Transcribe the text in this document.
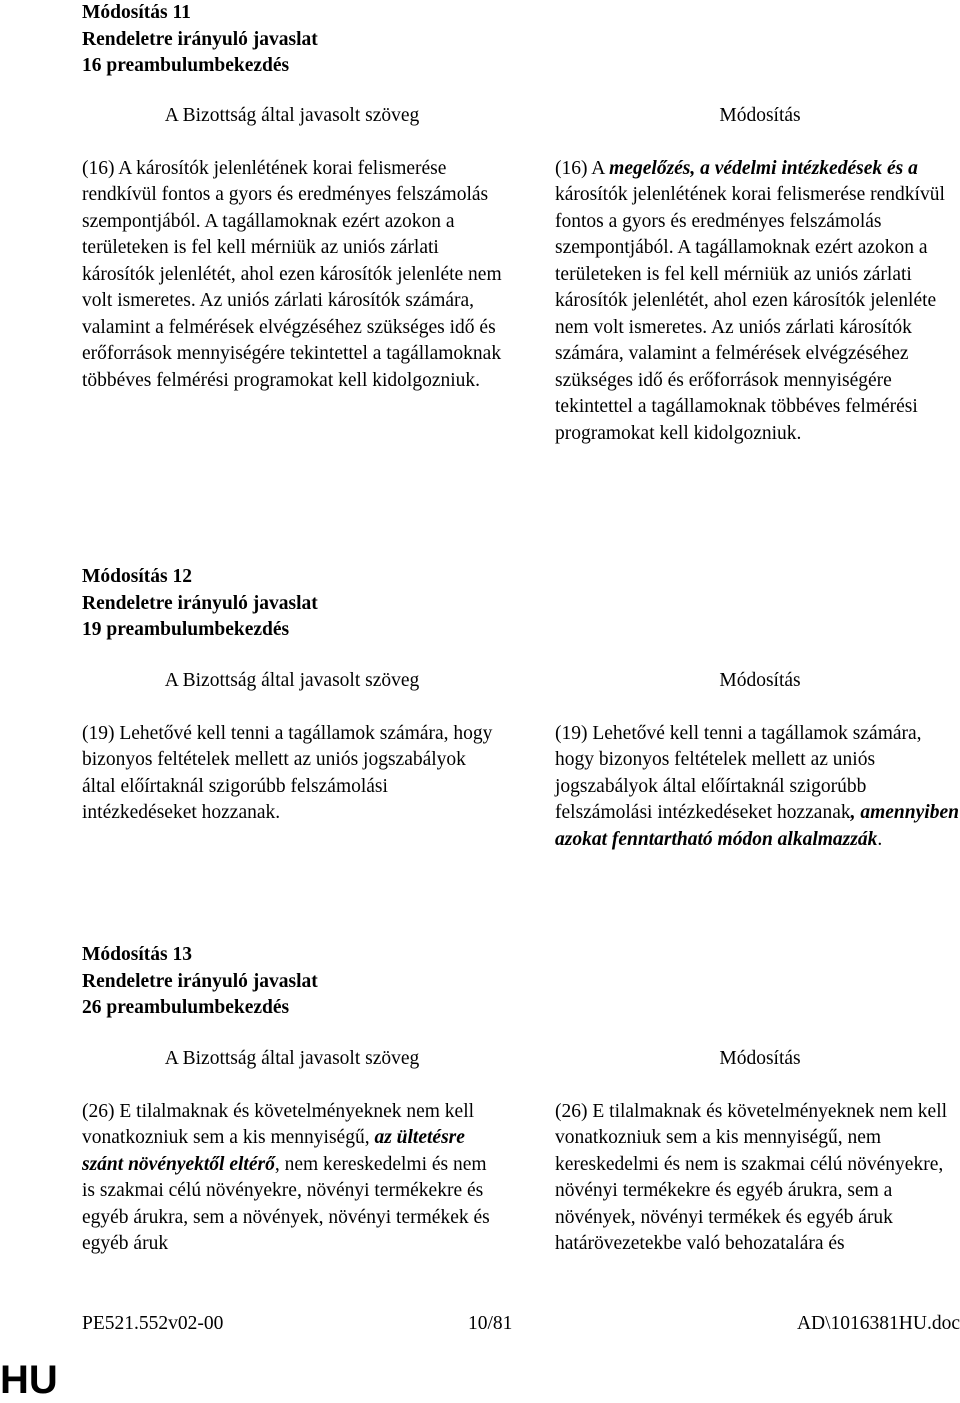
Módosítás 11
Rendeletre irányuló javaslat
16 preambulumbekezdés

A Bizottság által javasolt szöveg

(16) A károsítók jelenlétének korai felismerése rendkívül fontos a gyors és eredményes felszámolás szempontjából. A tagállamoknak ezért azokon a területeken is fel kell mérniük az uniós zárlati károsítók jelenlétét, ahol ezen károsítók jelenléte nem volt ismeretes. Az uniós zárlati károsítók számára, valamint a felmérések elvégzéséhez szükséges idő és erőforrások mennyiségére tekintettel a tagállamoknak többéves felmérési programokat kell kidolgozniuk.

Módosítás

(16) A megelőzés, a védelmi intézkedések és a károsítók jelenlétének korai felismerése rendkívül fontos a gyors és eredményes felszámolás szempontjából. A tagállamoknak ezért azokon a területeken is fel kell mérniük az uniós zárlati károsítók jelenlétét, ahol ezen károsítók jelenléte nem volt ismeretes. Az uniós zárlati károsítók számára, valamint a felmérések elvégzéséhez szükséges idő és erőforrások mennyiségére tekintettel a tagállamoknak többéves felmérési programokat kell kidolgozniuk.

Módosítás 12
Rendeletre irányuló javaslat
19 preambulumbekezdés

A Bizottság által javasolt szöveg

(19) Lehetővé kell tenni a tagállamok számára, hogy bizonyos feltételek mellett az uniós jogszabályok által előírtaknál szigorúbb felszámolási intézkedéseket hozzanak.

Módosítás

(19) Lehetővé kell tenni a tagállamok számára, hogy bizonyos feltételek mellett az uniós jogszabályok által előírtaknál szigorúbb felszámolási intézkedéseket hozzanak, amennyiben azokat fenntartható módon alkalmazzák.

Módosítás 13
Rendeletre irányuló javaslat
26 preambulumbekezdés

A Bizottság által javasolt szöveg

(26) E tilalmaknak és követelményeknek nem kell vonatkozniuk sem a kis mennyiségű, az ültetésre szánt növényektől eltérő, nem kereskedelmi és nem is szakmai célú növényekre, növényi termékekre és egyéb árukra, sem a növények, növényi termékek és egyéb áruk

Módosítás

(26) E tilalmaknak és követelményeknek nem kell vonatkozniuk sem a kis mennyiségű, nem kereskedelmi és nem is szakmai célú növényekre, növényi termékekre és egyéb árukra, sem a növények, növényi termékek és egyéb áruk határövezetekbe való behozatalára és

PE521.552v02-00	10/81	AD\1016381HU.doc
HU
